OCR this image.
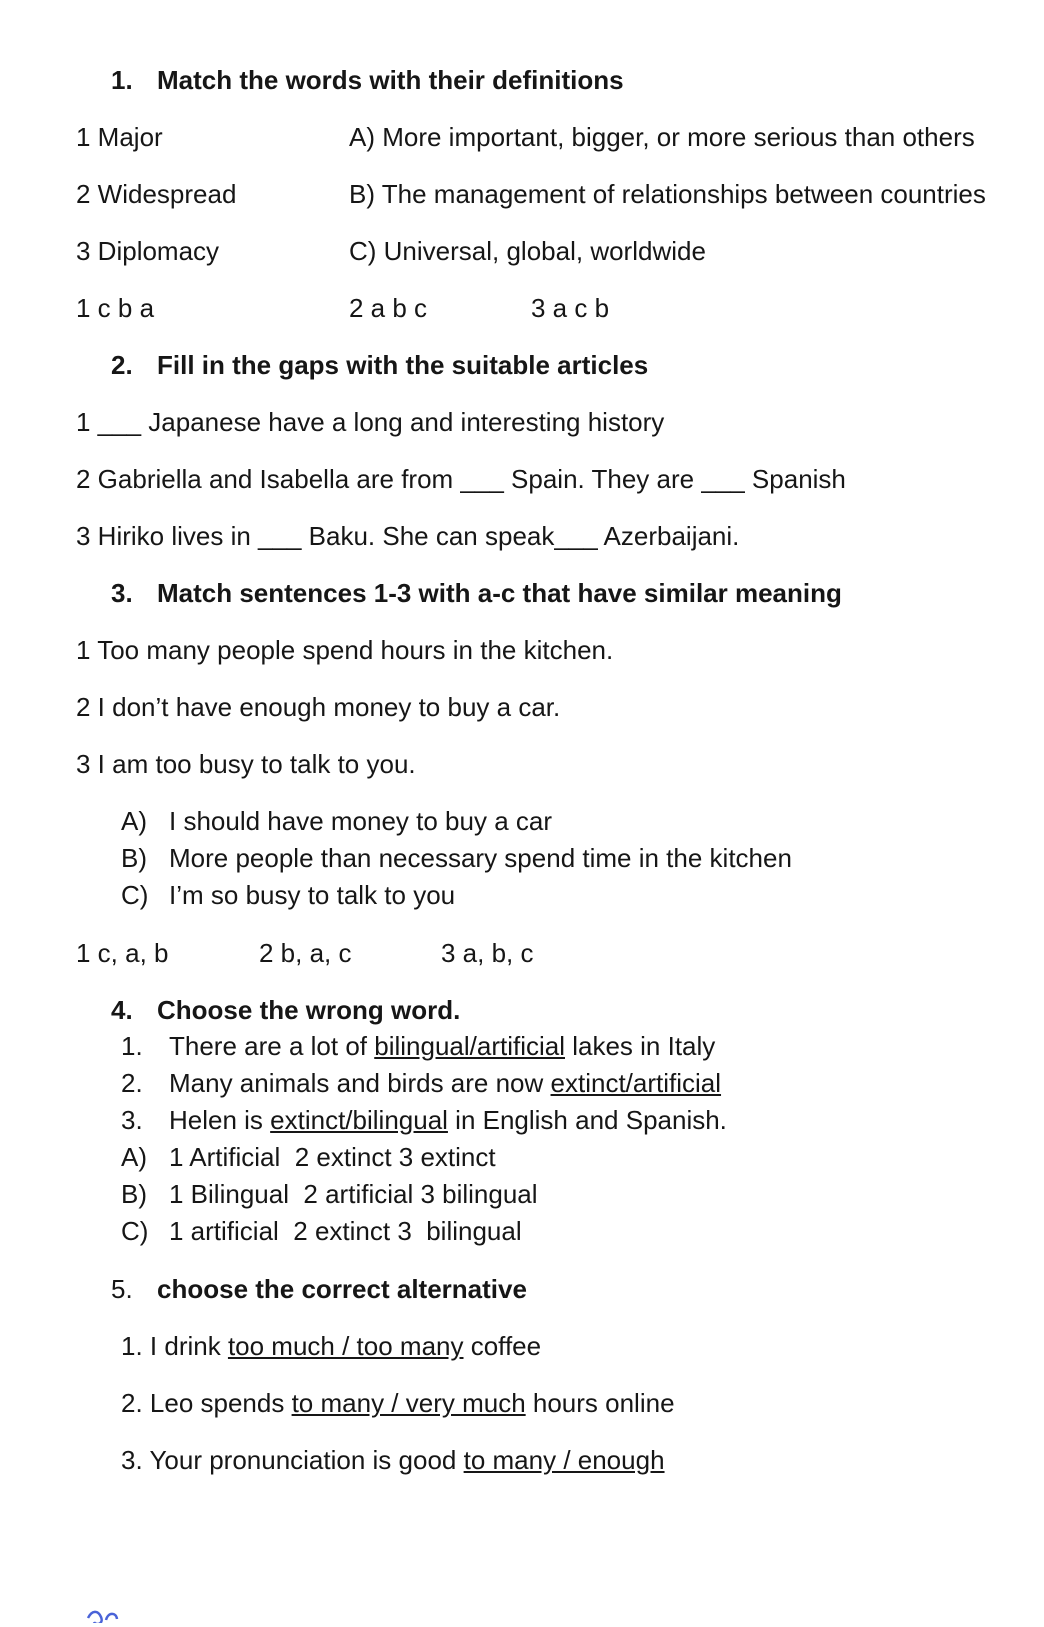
1. Match the words with their definitions
1 Major	A) More important, bigger, or more serious than others
2 Widespread	B) The management of relationships between countries
3 Diplomacy	C) Universal, global, worldwide
1 c b a	2 a b c	3 a c b
2. Fill in the gaps with the suitable articles
1 ___ Japanese have a long and interesting history
2 Gabriella and Isabella are from ___ Spain. They are ___ Spanish
3 Hiriko lives in ___ Baku. She can speak___ Azerbaijani.
3. Match sentences 1-3 with a-c that have similar meaning
1 Too many people spend hours in the kitchen.
2 I don’t have enough money to buy a car.
3 I am too busy to talk to you.
A) I should have money to buy a car
B) More people than necessary spend time in the kitchen
C) I’m so busy to talk to you
1 c, a, b	2 b, a, c	3 a, b, c
4. Choose the wrong word.
1.	There are a lot of bilingual/artificial lakes in Italy
2.	Many animals and birds are now extinct/artificial
3.	Helen is extinct/bilingual in English and Spanish.
A) 1 Artificial  2 extinct 3 extinct
B) 1 Bilingual  2 artificial 3 bilingual
C) 1 artificial  2 extinct 3  bilingual
5. choose the correct alternative
1. I drink too much / too many coffee
2. Leo spends to many / very much hours online
3. Your pronunciation is good to many / enough
